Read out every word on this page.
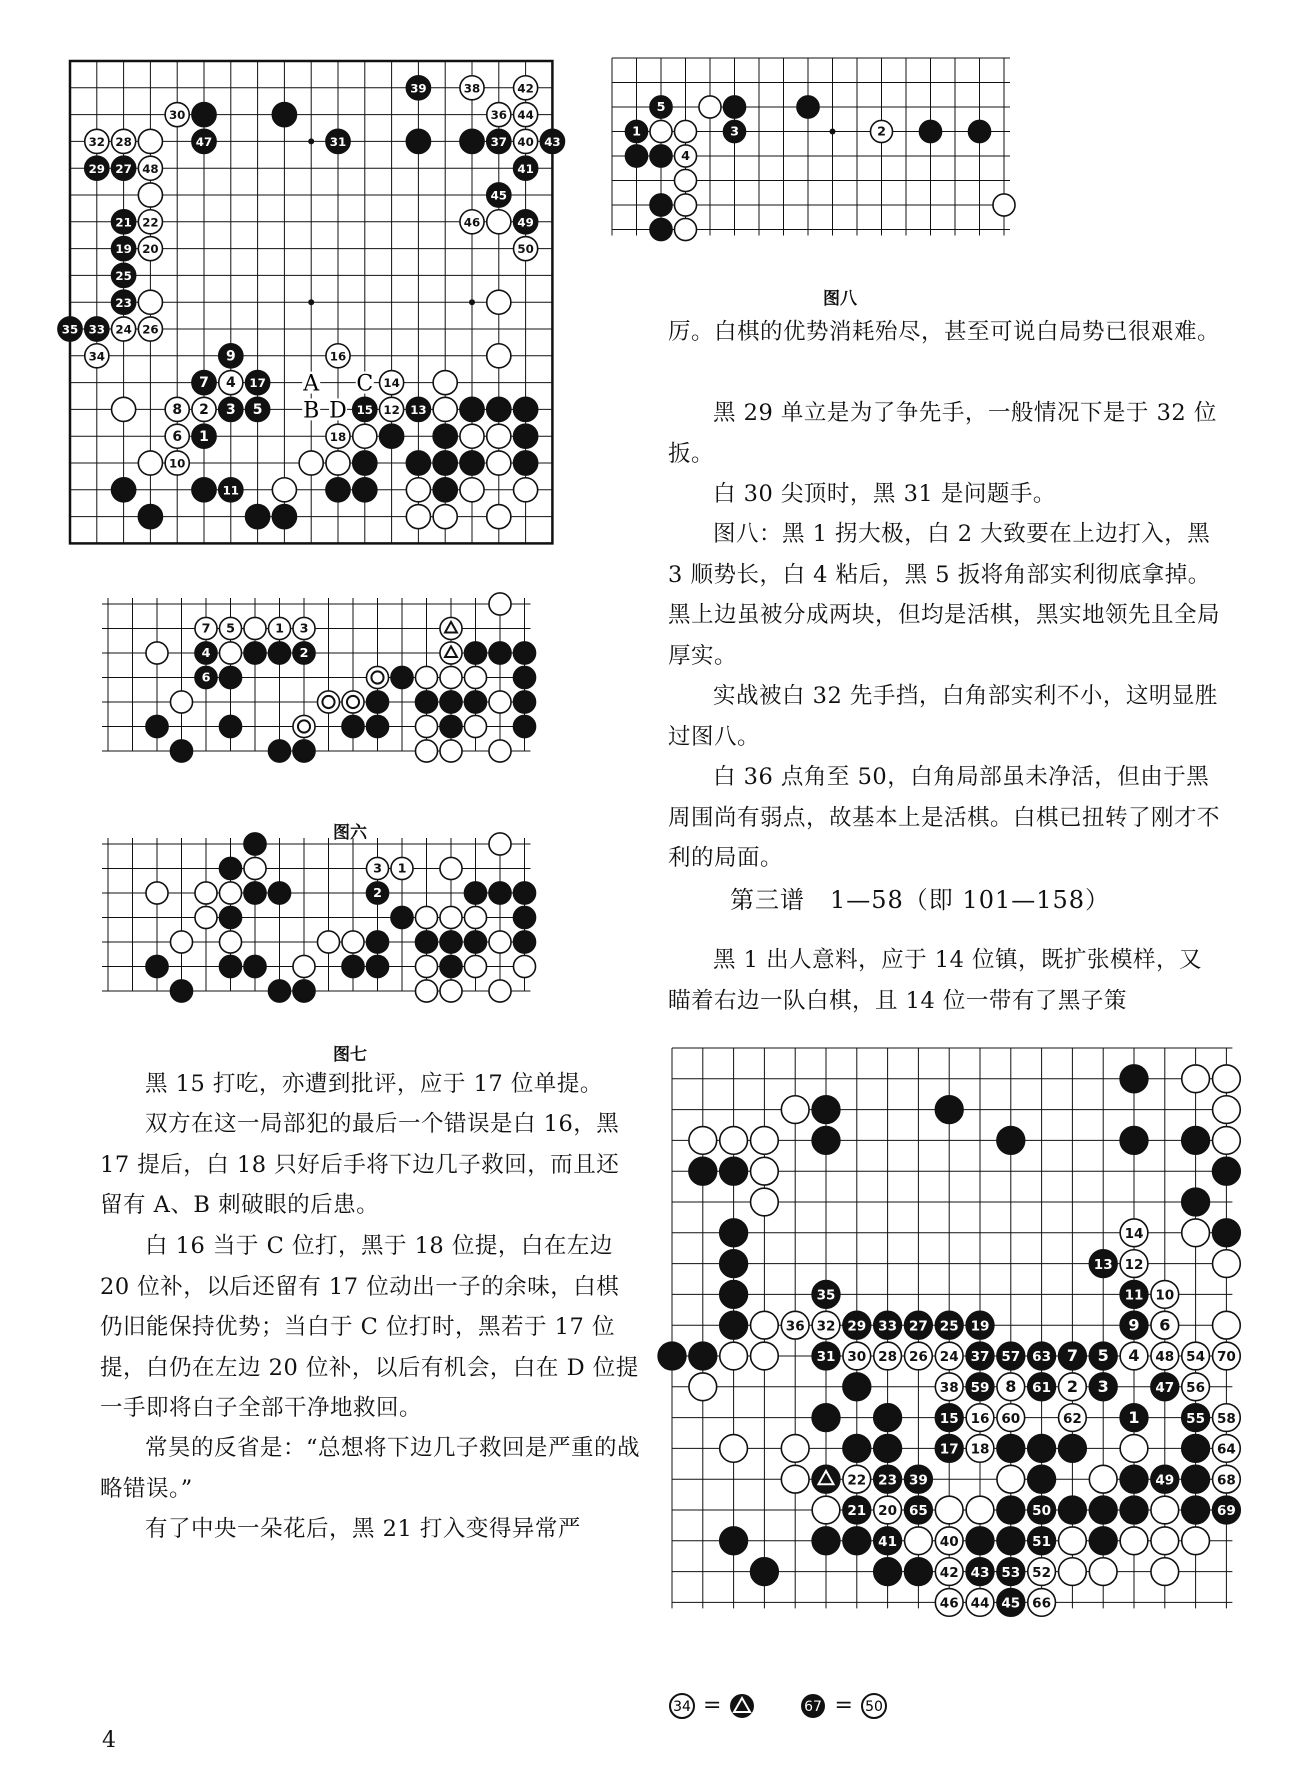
39	38	42
30	36 44
32 28	47	31	37 40 43
29 27 48	41
45
21 22	46	49
19 20	50
25
23
35 33 24 26
34	9	16
7 4 17	14
8 2 3 5	15 12 13
6 1	18
10
11
A C
B D
7 5	1 3
4	2
6
图六
3 1
2
图七
5
1	3	2
4
图八

厉。白棋的优势消耗殆尽，甚至可说白局势已很艰难。

黑 29 单立是为了争先手，一般情况下是于 32 位扳。

白 30 尖顶时，黑 31 是问题手。

图八：黑 1 拐大极，白 2 大致要在上边打入，黑 3 顺势长，白 4 粘后，黑 5 扳将角部实利彻底拿掉。黑上边虽被分成两块，但均是活棋，黑实地领先且全局厚实。

实战被白 32 先手挡，白角部实利不小，这明显胜过图八。

白 36 点角至 50，白角局部虽未净活，但由于黑周围尚有弱点，故基本上是活棋。白棋已扭转了刚才不利的局面。

第三谱　1—58（即 101—158）

黑 1 出人意料，应于 14 位镇，既扩张模样，又瞄着右边一队白棋，且 14 位一带有了黑子策

14
13 12
35	11 10
36 32 29 33 27 25 19	9 6
31 30 28 26 24 37 57 63 7 5 4 48 54 70
38 59 8 61 2 3	47 56
15 16 60	62	1	55 58
17 18	64
22 23 39	49	68
21 20 65	50	69
41	40	51
42 43 53 52
46 44 45 66
34 =	67 = 50

黑 15 打吃，亦遭到批评，应于 17 位单提。

双方在这一局部犯的最后一个错误是白 16，黑 17 提后，白 18 只好后手将下边几子救回，而且还留有 A、B 刺破眼的后患。

白 16 当于 C 位打，黑于 18 位提，白在左边 20 位补，以后还留有 17 位动出一子的余味，白棋仍旧能保持优势；当白于 C 位打时，黑若于 17 位提，白仍在左边 20 位补，以后有机会，白在 D 位提一手即将白子全部干净地救回。

常昊的反省是：“总想将下边几子救回是严重的战略错误。”

有了中央一朵花后，黑 21 打入变得异常严

4
